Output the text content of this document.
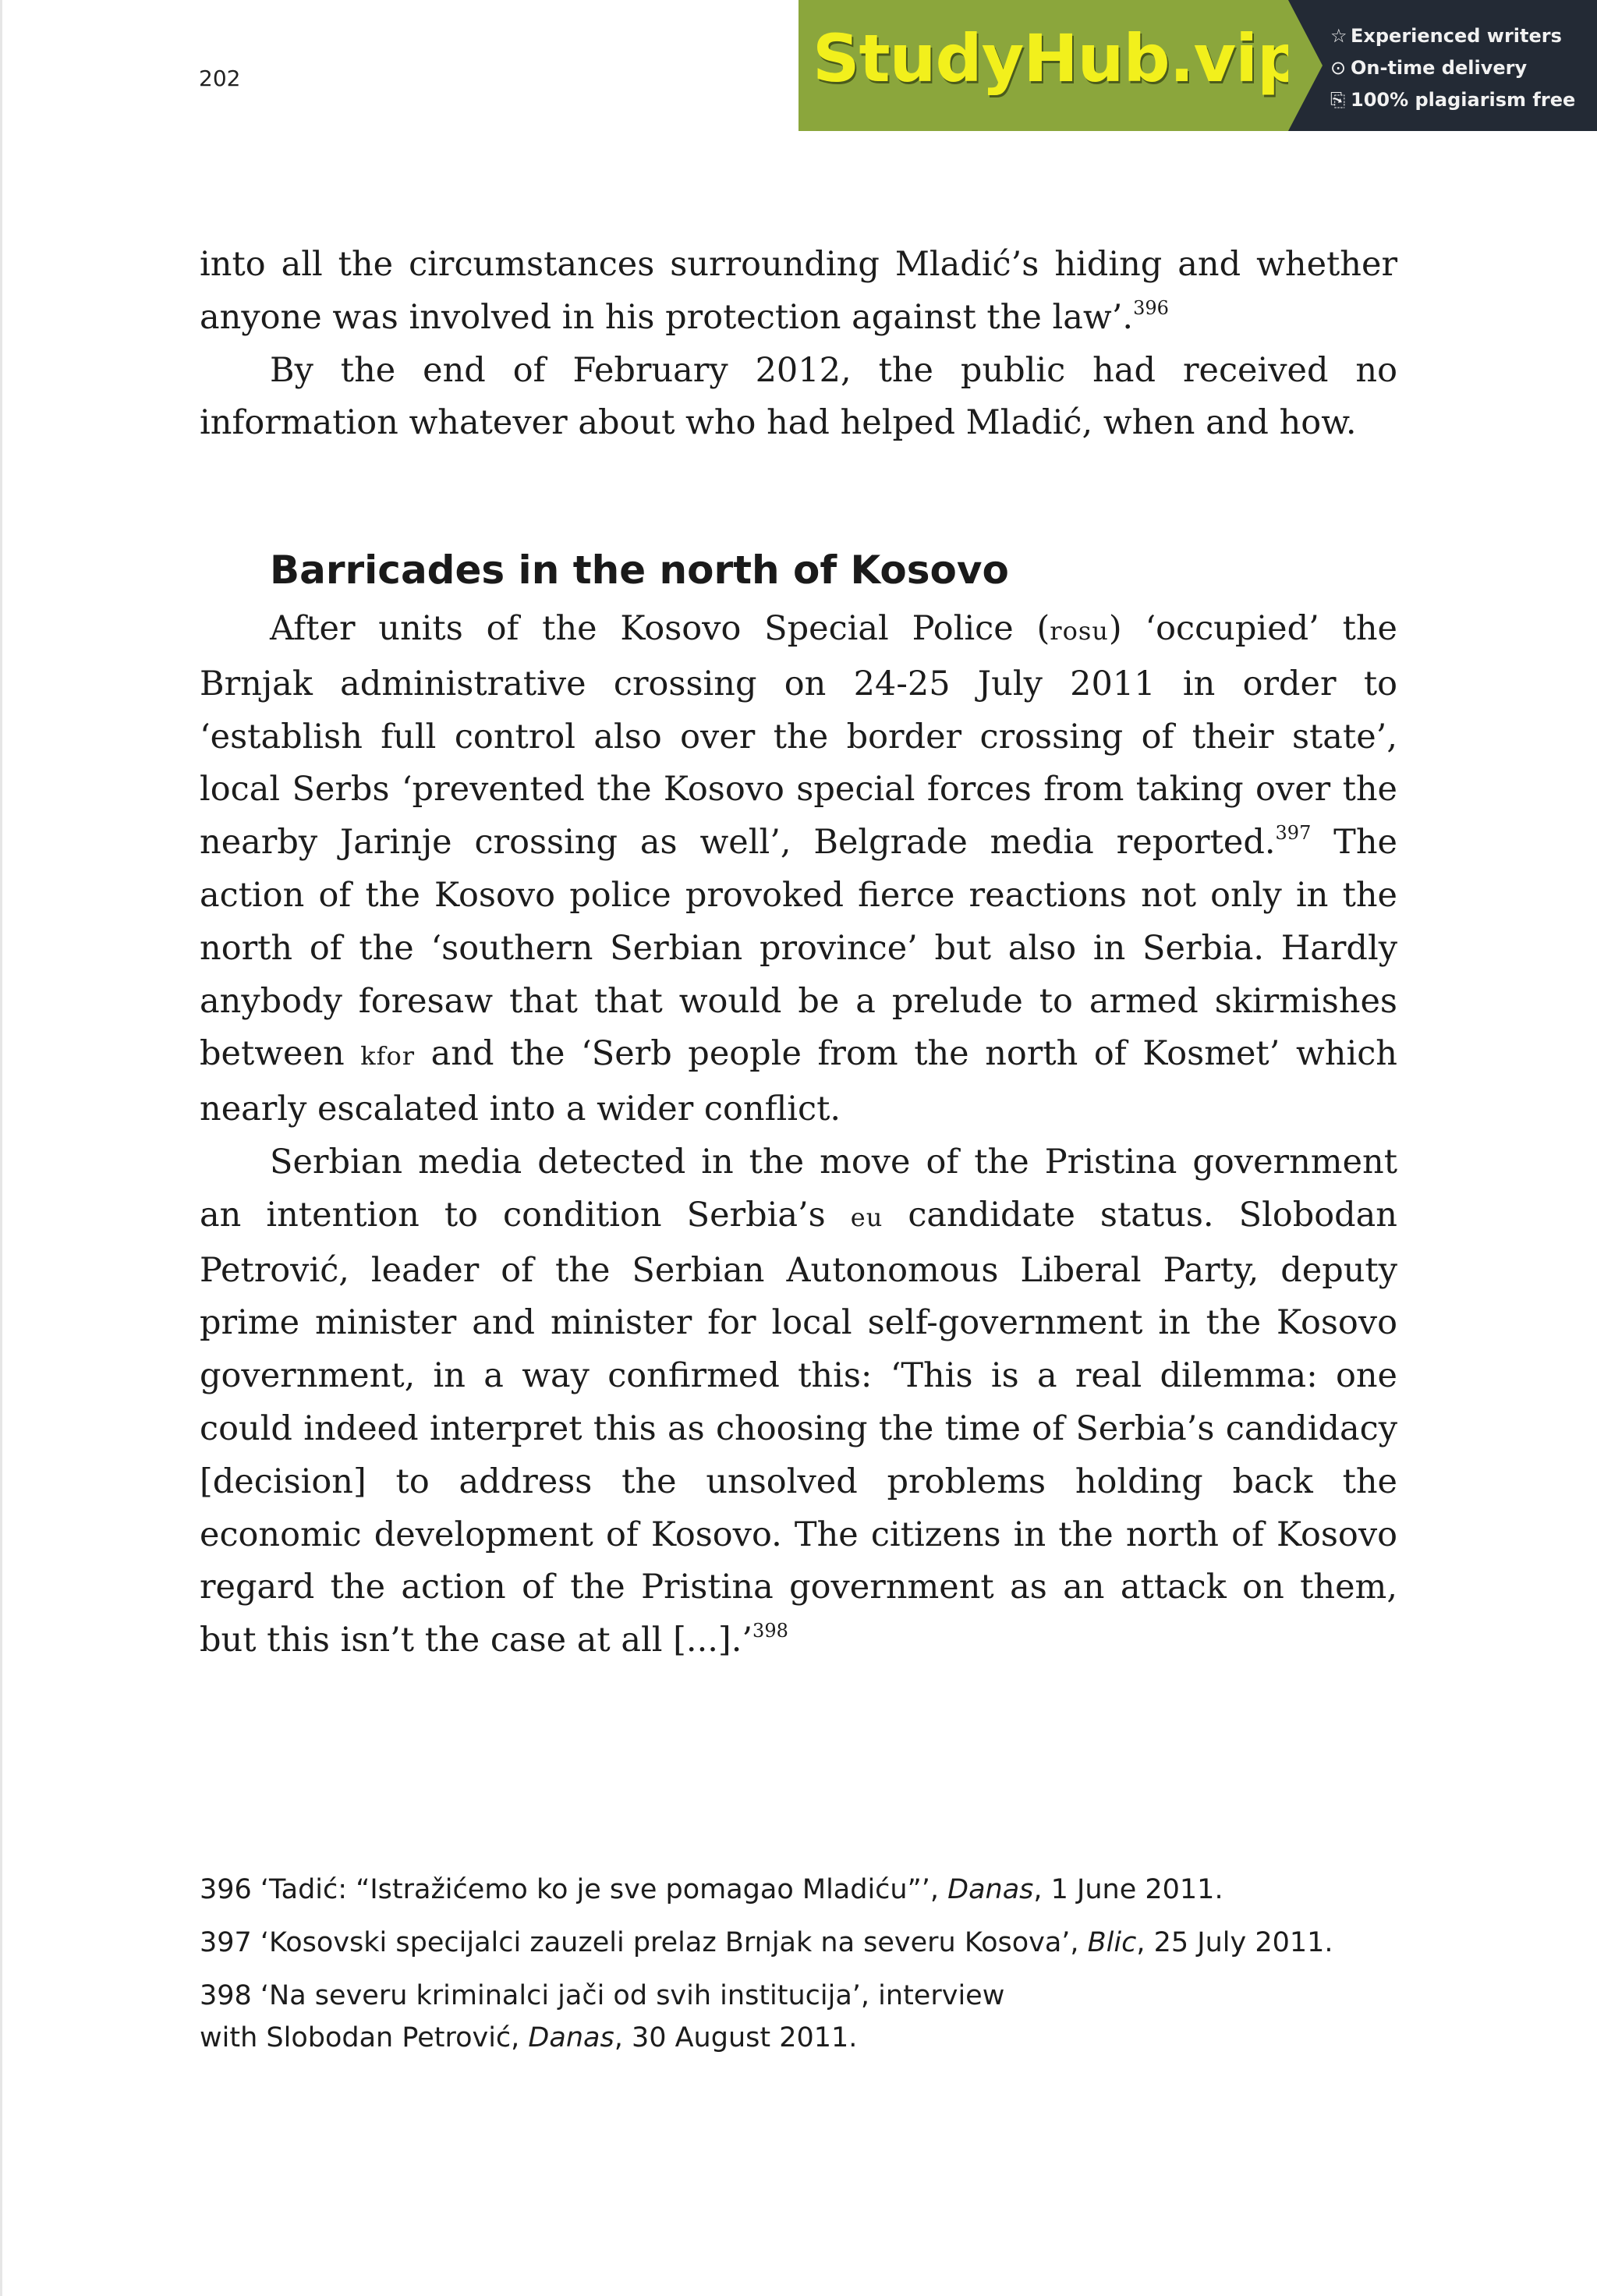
202	StudyHub.vip ☆ Experienced writers
⊙ On-time delivery
⎘ 100% plagiarism free

into all the circumstances surrounding Mladić’s hiding and whether anyone was involved in his protection against the law’.$^{396}$

By the end of February 2012, the public had received no information whatever about who had helped Mladić, when and how.

Barricades in the north of Kosovo

After units of the Kosovo Special Police (rosu) ‘occupied’ the Brnjak administrative crossing on 24-25 July 2011 in order to ‘establish full control also over the border crossing of their state’, local Serbs ‘prevented the Kosovo special forces from taking over the nearby Jarinje crossing as well’, Belgrade media reported.$^{397}$ The action of the Kosovo police provoked fierce reactions not only in the north of the ‘southern Serbian province’ but also in Serbia. Hardly anybody foresaw that that would be a prelude to armed skirmishes between kfor and the ‘Serb people from the north of Kosmet’ which nearly escalated into a wider conflict.

Serbian media detected in the move of the Pristina government an intention to condition Serbia’s eu candidate status. Slobodan Petrović, leader of the Serbian Autonomous Liberal Party, deputy prime minister and minister for local self-government in the Kosovo government, in a way confirmed this: ‘This is a real dilemma: one could indeed interpret this as choosing the time of Serbia’s candidacy [decision] to address the unsolved problems holding back the economic development of Kosovo. The citizens in the north of Kosovo regard the action of the Pristina government as an attack on them, but this isn’t the case at all [...].’$^{398}$

396 ‘Tadić: “Istražićemo ko je sve pomagao Mladiću”’, Danas, 1 June 2011.

397 ‘Kosovski specijalci zauzeli prelaz Brnjak na severu Kosova’, Blic, 25 July 2011.

398 ‘Na severu kriminalci jači od svih institucija’, interview
with Slobodan Petrović, Danas, 30 August 2011.
